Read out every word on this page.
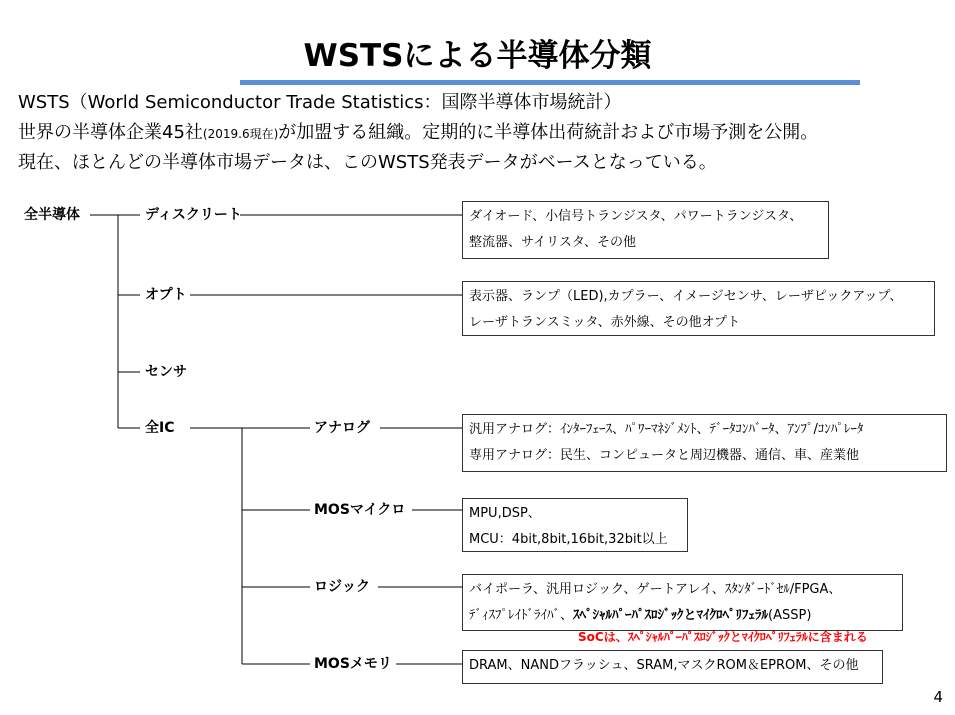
WSTSによる半導体分類
WSTS（World Semiconductor Trade Statistics：国際半導体市場統計）
世界の半導体企業45社(2019.6現在)が加盟する組織。定期的に半導体出荷統計および市場予測を公開。
現在、ほとんどの半導体市場データは、このWSTS発表データがベースとなっている。
全半導体	ディスクリート
オプト
センサ
全IC	アナログ
MOSマイクロ
ロジック
MOSメモリ
ダイオード、小信号トランジスタ、パワートランジスタ、
整流器、サイリスタ、その他
表示器、ランプ（LED),カプラー、イメージセンサ、レーザピックアップ、
レーザトランスミッタ、赤外線、その他オプト
汎用アナログ：ｲﾝﾀｰﾌｪｰｽ、ﾊﾟﾜｰﾏﾈｼﾞﾒﾝﾄ、ﾃﾞｰﾀｺﾝﾊﾞｰﾀ、ｱﾝﾌﾟ/ｺﾝﾊﾟﾚｰﾀ
専用アナログ：民生、コンピュータと周辺機器、通信、車、産業他
MPU,DSP、
MCU：4bit,8bit,16bit,32bit以上
バイポーラ、汎用ロジック、ゲートアレイ、ｽﾀﾝﾀﾞｰﾄﾞｾﾙ/FPGA、
ﾃﾞｨｽﾌﾟﾚｲﾄﾞﾗｲﾊﾞ、ｽﾍﾟｼｬﾙﾊﾟｰﾊﾟｽﾛｼﾞｯｸとﾏｲｸﾛﾍﾟﾘﾌｪﾗﾙ(ASSP)
DRAM、NANDフラッシュ、SRAM,マスクROM＆EPROM、その他
SoCは、ｽﾍﾟｼｬﾙﾊﾟｰﾊﾟｽﾛｼﾞｯｸとﾏｲｸﾛﾍﾟﾘﾌｪﾗﾙに含まれる
4
